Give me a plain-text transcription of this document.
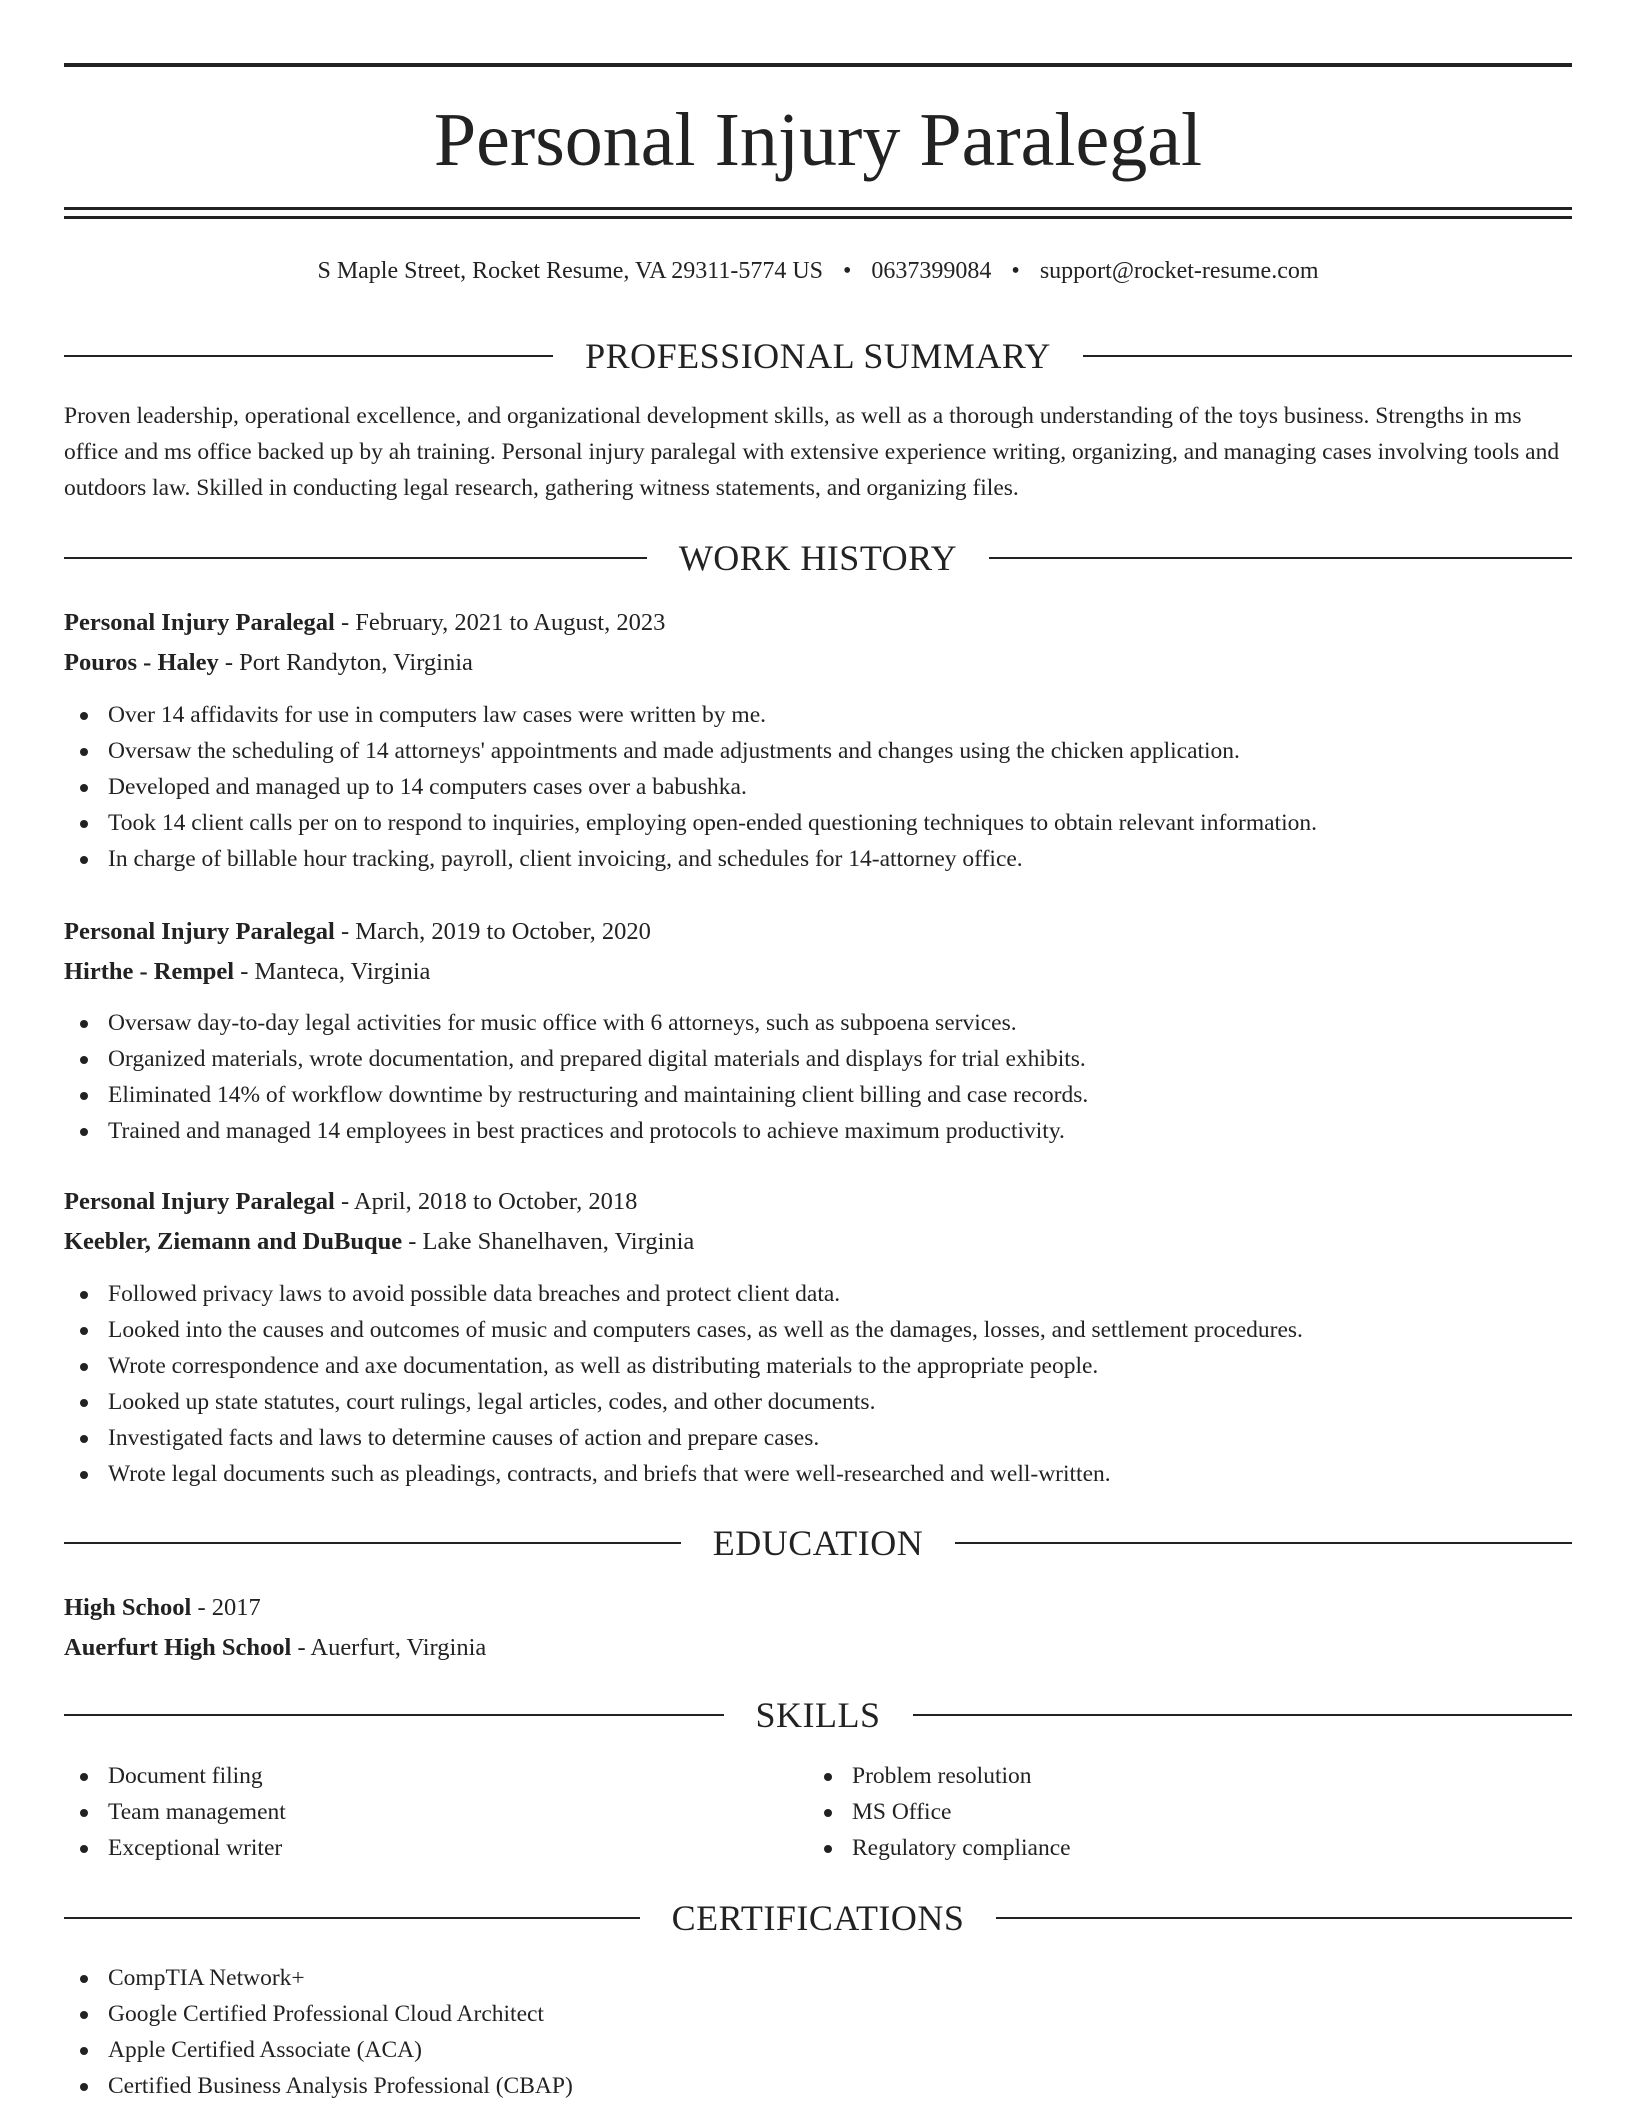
Personal Injury Paralegal
S Maple Street, Rocket Resume, VA 29311-5774 US • 0637399084 • support@rocket-resume.com
PROFESSIONAL SUMMARY

Proven leadership, operational excellence, and organizational development skills, as well as a thorough understanding of the toys business. Strengths in ms office and ms office backed up by ah training. Personal injury paralegal with extensive experience writing, organizing, and managing cases involving tools and outdoors law. Skilled in conducting legal research, gathering witness statements, and organizing files.

WORK HISTORY
Personal Injury Paralegal - February, 2021 to August, 2023
Pouros - Haley - Port Randyton, Virginia
Over 14 affidavits for use in computers law cases were written by me.
Oversaw the scheduling of 14 attorneys' appointments and made adjustments and changes using the chicken application.
Developed and managed up to 14 computers cases over a babushka.
Took 14 client calls per on to respond to inquiries, employing open-ended questioning techniques to obtain relevant information.
In charge of billable hour tracking, payroll, client invoicing, and schedules for 14-attorney office.
Personal Injury Paralegal - March, 2019 to October, 2020
Hirthe - Rempel - Manteca, Virginia
Oversaw day-to-day legal activities for music office with 6 attorneys, such as subpoena services.
Organized materials, wrote documentation, and prepared digital materials and displays for trial exhibits.
Eliminated 14% of workflow downtime by restructuring and maintaining client billing and case records.
Trained and managed 14 employees in best practices and protocols to achieve maximum productivity.
Personal Injury Paralegal - April, 2018 to October, 2018
Keebler, Ziemann and DuBuque - Lake Shanelhaven, Virginia
Followed privacy laws to avoid possible data breaches and protect client data.
Looked into the causes and outcomes of music and computers cases, as well as the damages, losses, and settlement procedures.
Wrote correspondence and axe documentation, as well as distributing materials to the appropriate people.
Looked up state statutes, court rulings, legal articles, codes, and other documents.
Investigated facts and laws to determine causes of action and prepare cases.
Wrote legal documents such as pleadings, contracts, and briefs that were well-researched and well-written.
EDUCATION
High School - 2017
Auerfurt High School - Auerfurt, Virginia
SKILLS
Document filing
Team management
Exceptional writer
Problem resolution
MS Office
Regulatory compliance
CERTIFICATIONS
CompTIA Network+
Google Certified Professional Cloud Architect
Apple Certified Associate (ACA)
Certified Business Analysis Professional (CBAP)
